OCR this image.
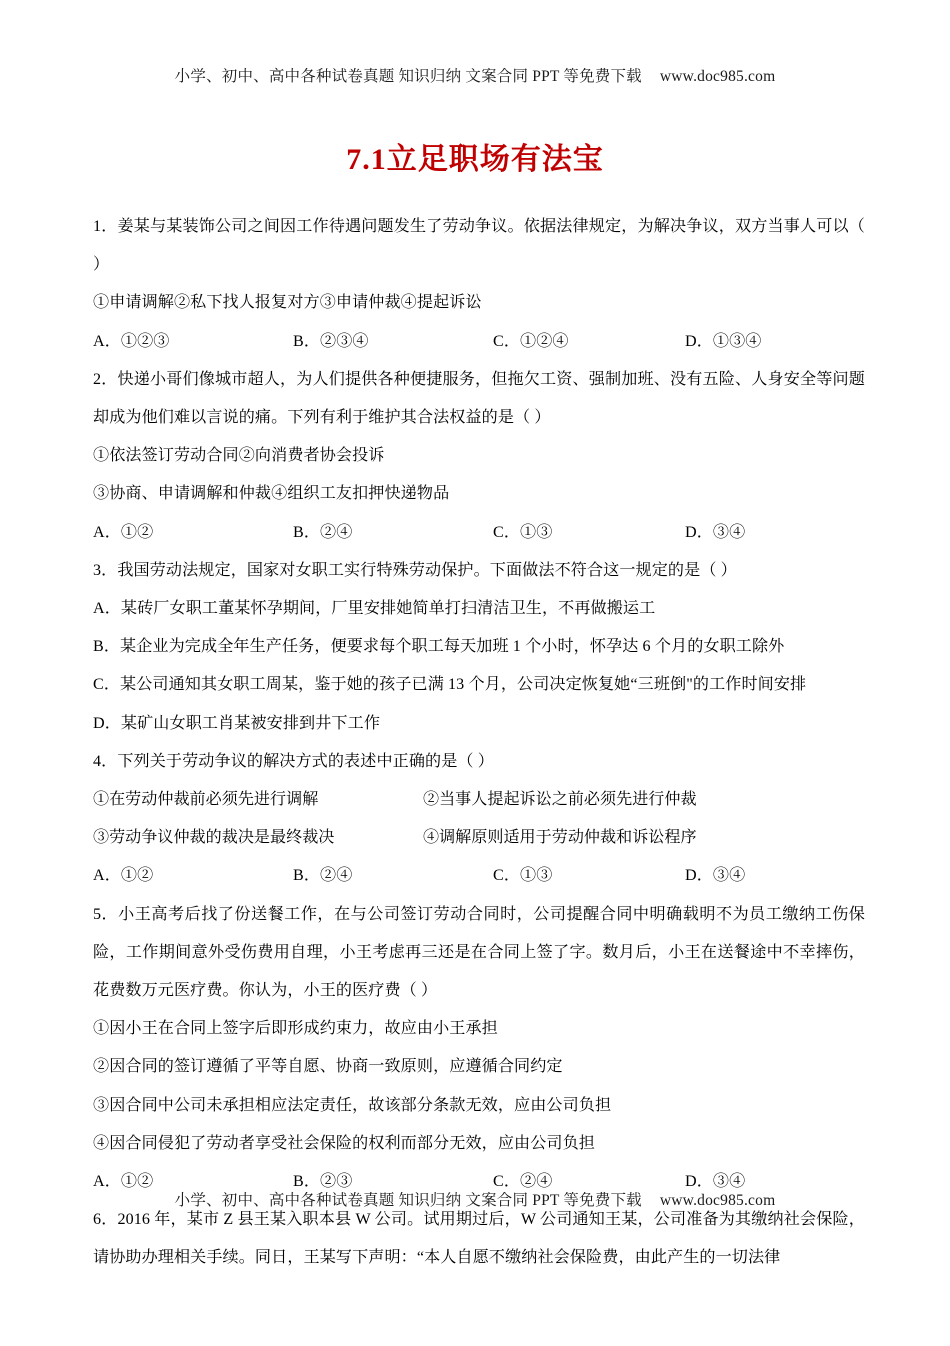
小学、初中、高中各种试卷真题 知识归纳 文案合同 PPT 等免费下载 www.doc985.com
7.1立足职场有法宝
1．姜某与某装饰公司之间因工作待遇问题发生了劳动争议。依据法律规定，为解决争议，双方当事人可以（ ）
①申请调解②私下找人报复对方③申请仲裁④提起诉讼
A．①②③	B．②③④	C．①②④	D．①③④
2．快递小哥们像城市超人，为人们提供各种便捷服务，但拖欠工资、强制加班、没有五险、人身安全等问题却成为他们难以言说的痛。下列有利于维护其合法权益的是（ ）
①依法签订劳动合同②向消费者协会投诉
③协商、申请调解和仲裁④组织工友扣押快递物品
A．①②	B．②④	C．①③	D．③④
3．我国劳动法规定，国家对女职工实行特殊劳动保护。下面做法不符合这一规定的是（ ）
A．某砖厂女职工董某怀孕期间，厂里安排她简单打扫清洁卫生，不再做搬运工
B．某企业为完成全年生产任务，便要求每个职工每天加班 1 个小时，怀孕达 6 个月的女职工除外
C．某公司通知其女职工周某，鉴于她的孩子已满 13 个月，公司决定恢复她“三班倒"的工作时间安排
D．某矿山女职工肖某被安排到井下工作
4．下列关于劳动争议的解决方式的表述中正确的是（ ）
①在劳动仲裁前必须先进行调解	②当事人提起诉讼之前必须先进行仲裁
③劳动争议仲裁的裁决是最终裁决	④调解原则适用于劳动仲裁和诉讼程序
A．①②	B．②④	C．①③	D．③④
5．小王高考后找了份送餐工作，在与公司签订劳动合同时，公司提醒合同中明确载明不为员工缴纳工伤保险，工作期间意外受伤费用自理，小王考虑再三还是在合同上签了字。数月后，小王在送餐途中不幸摔伤，花费数万元医疗费。你认为，小王的医疗费（ ）
①因小王在合同上签字后即形成约束力，故应由小王承担
②因合同的签订遵循了平等自愿、协商一致原则，应遵循合同约定
③因合同中公司未承担相应法定责任，故该部分条款无效，应由公司负担
④因合同侵犯了劳动者享受社会保险的权利而部分无效，应由公司负担
A．①②	B．②③	C．②④	D．③④
6．2016 年，某市 Z 县王某入职本县 W 公司。试用期过后，W 公司通知王某，公司准备为其缴纳社会保险，请协助办理相关手续。同日，王某写下声明：“本人自愿不缴纳社会保险费，由此产生的一切法律
小学、初中、高中各种试卷真题 知识归纳 文案合同 PPT 等免费下载 www.doc985.com
